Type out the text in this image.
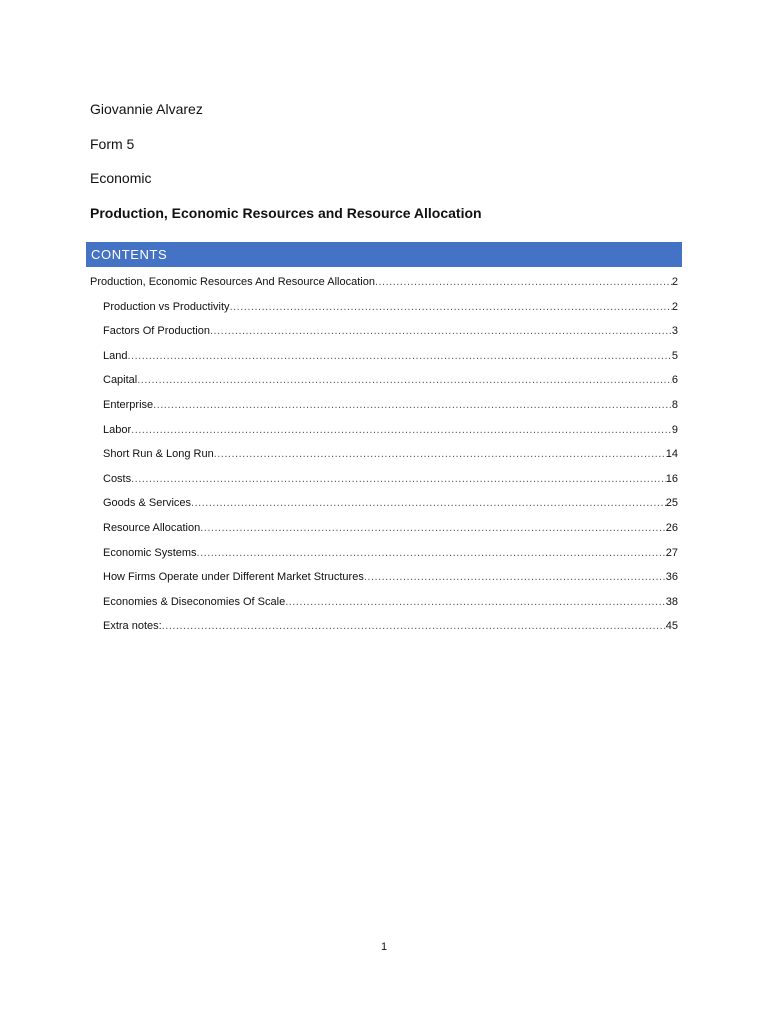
Giovannie Alvarez
Form 5
Economic
Production, Economic Resources and Resource Allocation
CONTENTS
Production, Economic Resources And Resource Allocation .....	2
Production vs Productivity .....	2
Factors Of Production .....	3
Land .....	5
Capital .....	6
Enterprise .....	8
Labor .....	9
Short Run & Long Run .....	14
Costs .....	16
Goods & Services .....	25
Resource Allocation .....	26
Economic Systems .....	27
How Firms Operate under Different Market Structures .....	36
Economies & Diseconomies Of Scale .....	38
Extra notes: .....	45
1
